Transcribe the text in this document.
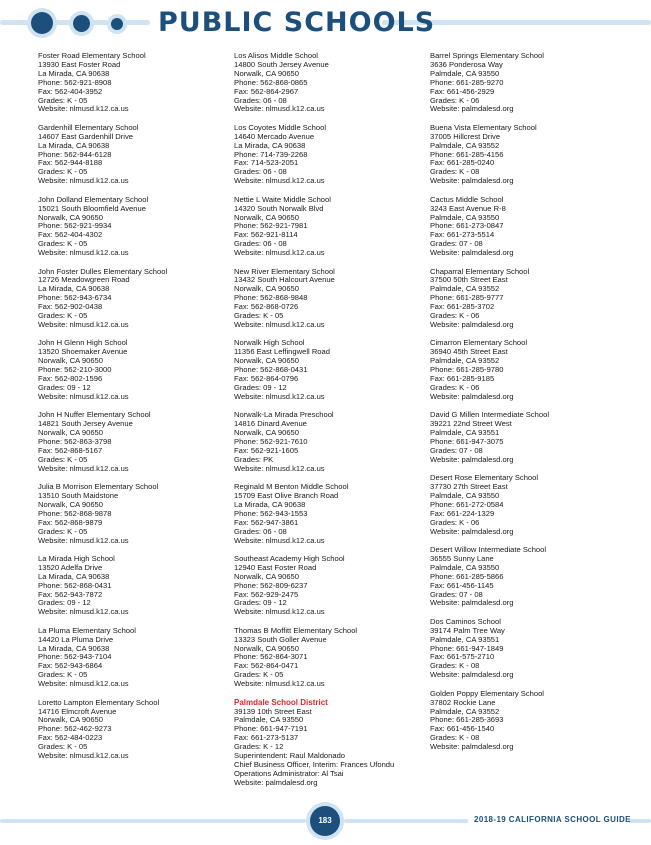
PUBLIC SCHOOLS
Foster Road Elementary School
13930 East Foster Road
La Mirada, CA 90638
Phone: 562-921-8908
Fax: 562-404-3952
Grades: K - 05
Website: nlmusd.k12.ca.us
Gardenhill Elementary School
14607 East Gardenhill Drive
La Mirada, CA 90638
Phone: 562-944-6128
Fax: 562-944-8188
Grades: K - 05
Website: nlmusd.k12.ca.us
John Dolland Elementary School
15021 South Bloomfield Avenue
Norwalk, CA 90650
Phone: 562-921-9934
Fax: 562-404-4302
Grades: K - 05
Website: nlmusd.k12.ca.us
John Foster Dulles Elementary School
12726 Meadowgreen Road
La Mirada, CA 90638
Phone: 562-943-6734
Fax: 562-902-0438
Grades: K - 05
Website: nlmusd.k12.ca.us
John H Glenn High School
13520 Shoemaker Avenue
Norwalk, CA 90650
Phone: 562-210-3000
Fax: 562-802-1596
Grades: 09 - 12
Website: nlmusd.k12.ca.us
John H Nuffer Elementary School
14821 South Jersey Avenue
Norwalk, CA 90650
Phone: 562-863-3798
Fax: 562-868-5167
Grades: K - 05
Website: nlmusd.k12.ca.us
Julia B Morrison Elementary School
13510 South Maidstone
Norwalk, CA 90650
Phone: 562-868-9878
Fax: 562-868-9879
Grades: K - 05
Website: nlmusd.k12.ca.us
La Mirada High School
13520 Adelfa Drive
La Mirada, CA 90638
Phone: 562-868-0431
Fax: 562-943-7872
Grades: 09 - 12
Website: nlmusd.k12.ca.us
La Pluma Elementary School
14420 La Pluma Drive
La Mirada, CA 90638
Phone: 562-943-7104
Fax: 562-943-6864
Grades: K - 05
Website: nlmusd.k12.ca.us
Loretto Lampton Elementary School
14716 Elmcroft Avenue
Norwalk, CA 90650
Phone: 562-462-9273
Fax: 562-484-0223
Grades: K - 05
Website: nlmusd.k12.ca.us
Los Alisos Middle School
14800 South Jersey Avenue
Norwalk, CA 90650
Phone: 562-868-0865
Fax: 562-864-2967
Grades: 06 - 08
Website: nlmusd.k12.ca.us
Los Coyotes Middle School
14640 Mercado Avenue
La Mirada, CA 90638
Phone: 714-739-2268
Fax: 714-523-2051
Grades: 06 - 08
Website: nlmusd.k12.ca.us
Nettie L Waite Middle School
14320 South Norwalk Blvd
Norwalk, CA 90650
Phone: 562-921-7981
Fax: 562-921-8114
Grades: 06 - 08
Website: nlmusd.k12.ca.us
New River Elementary School
13432 South Halcourt Avenue
Norwalk, CA 90650
Phone: 562-868-9848
Fax: 562-868-0726
Grades: K - 05
Website: nlmusd.k12.ca.us
Norwalk High School
11356 East Leffingwell Road
Norwalk, CA 90650
Phone: 562-868-0431
Fax: 562-864-0796
Grades: 09 - 12
Website: nlmusd.k12.ca.us
Norwalk-La Mirada Preschool
14816 Dinard Avenue
Norwalk, CA 90650
Phone: 562-921-7610
Fax: 562-921-1605
Grades: PK
Website: nlmusd.k12.ca.us
Reginald M Benton Middle School
15709 East Olive Branch Road
La Mirada, CA 90638
Phone: 562-943-1553
Fax: 562-947-3861
Grades: 06 - 08
Website: nlmusd.k12.ca.us
Southeast Academy High School
12940 East Foster Road
Norwalk, CA 90650
Phone: 562-809-6237
Fax: 562-929-2475
Grades: 09 - 12
Website: nlmusd.k12.ca.us
Thomas B Moffitt Elementary School
13323 South Goller Avenue
Norwalk, CA 90650
Phone: 562-864-3071
Fax: 562-864-0471
Grades: K - 05
Website: nlmusd.k12.ca.us
Palmdale School District
39139 10th Street East
Palmdale, CA 93550
Phone: 661-947-7191
Fax: 661-273-5137
Grades: K - 12
Superintendent: Raul Maldonado
Chief Business Officer, Interim: Frances Ufondu
Operations Administrator: Al Tsai
Website: palmdalesd.org
Barrel Springs Elementary School
3636 Ponderosa Way
Palmdale, CA 93550
Phone: 661-285-9270
Fax: 661-456-2929
Grades: K - 06
Website: palmdalesd.org
Buena Vista Elementary School
37005 Hillcrest Drive
Palmdale, CA 93552
Phone: 661-285-4156
Fax: 661-285-0240
Grades: K - 08
Website: palmdalesd.org
Cactus Middle School
3243 East Avenue R-8
Palmdale, CA 93550
Phone: 661-273-0847
Fax: 661-273-5514
Grades: 07 - 08
Website: palmdalesd.org
Chaparral Elementary School
37500 50th Street East
Palmdale, CA 93552
Phone: 661-285-9777
Fax: 661-285-3702
Grades: K - 06
Website: palmdalesd.org
Cimarron Elementary School
36940 45th Street East
Palmdale, CA 93552
Phone: 661-285-9780
Fax: 661-285-9185
Grades: K - 06
Website: palmdalesd.org
David G Millen Intermediate School
39221 22nd Street West
Palmdale, CA 93551
Phone: 661-947-3075
Grades: 07 - 08
Website: palmdalesd.org
Desert Rose Elementary School
37730 27th Street East
Palmdale, CA 93550
Phone: 661-272-0584
Fax: 661-224-1329
Grades: K - 06
Website: palmdalesd.org
Desert Willow Intermediate School
36555 Sunny Lane
Palmdale, CA 93550
Phone: 661-285-5866
Fax: 661-456-1145
Grades: 07 - 08
Website: palmdalesd.org
Dos Caminos School
39174 Palm Tree Way
Palmdale, CA 93551
Phone: 661-947-1849
Fax: 661-575-2710
Grades: K - 08
Website: palmdalesd.org
Golden Poppy Elementary School
37802 Rockie Lane
Palmdale, CA 93552
Phone: 661-285-3693
Fax: 661-456-1540
Grades: K - 08
Website: palmdalesd.org
183	2018-19 CALIFORNIA SCHOOL GUIDE
